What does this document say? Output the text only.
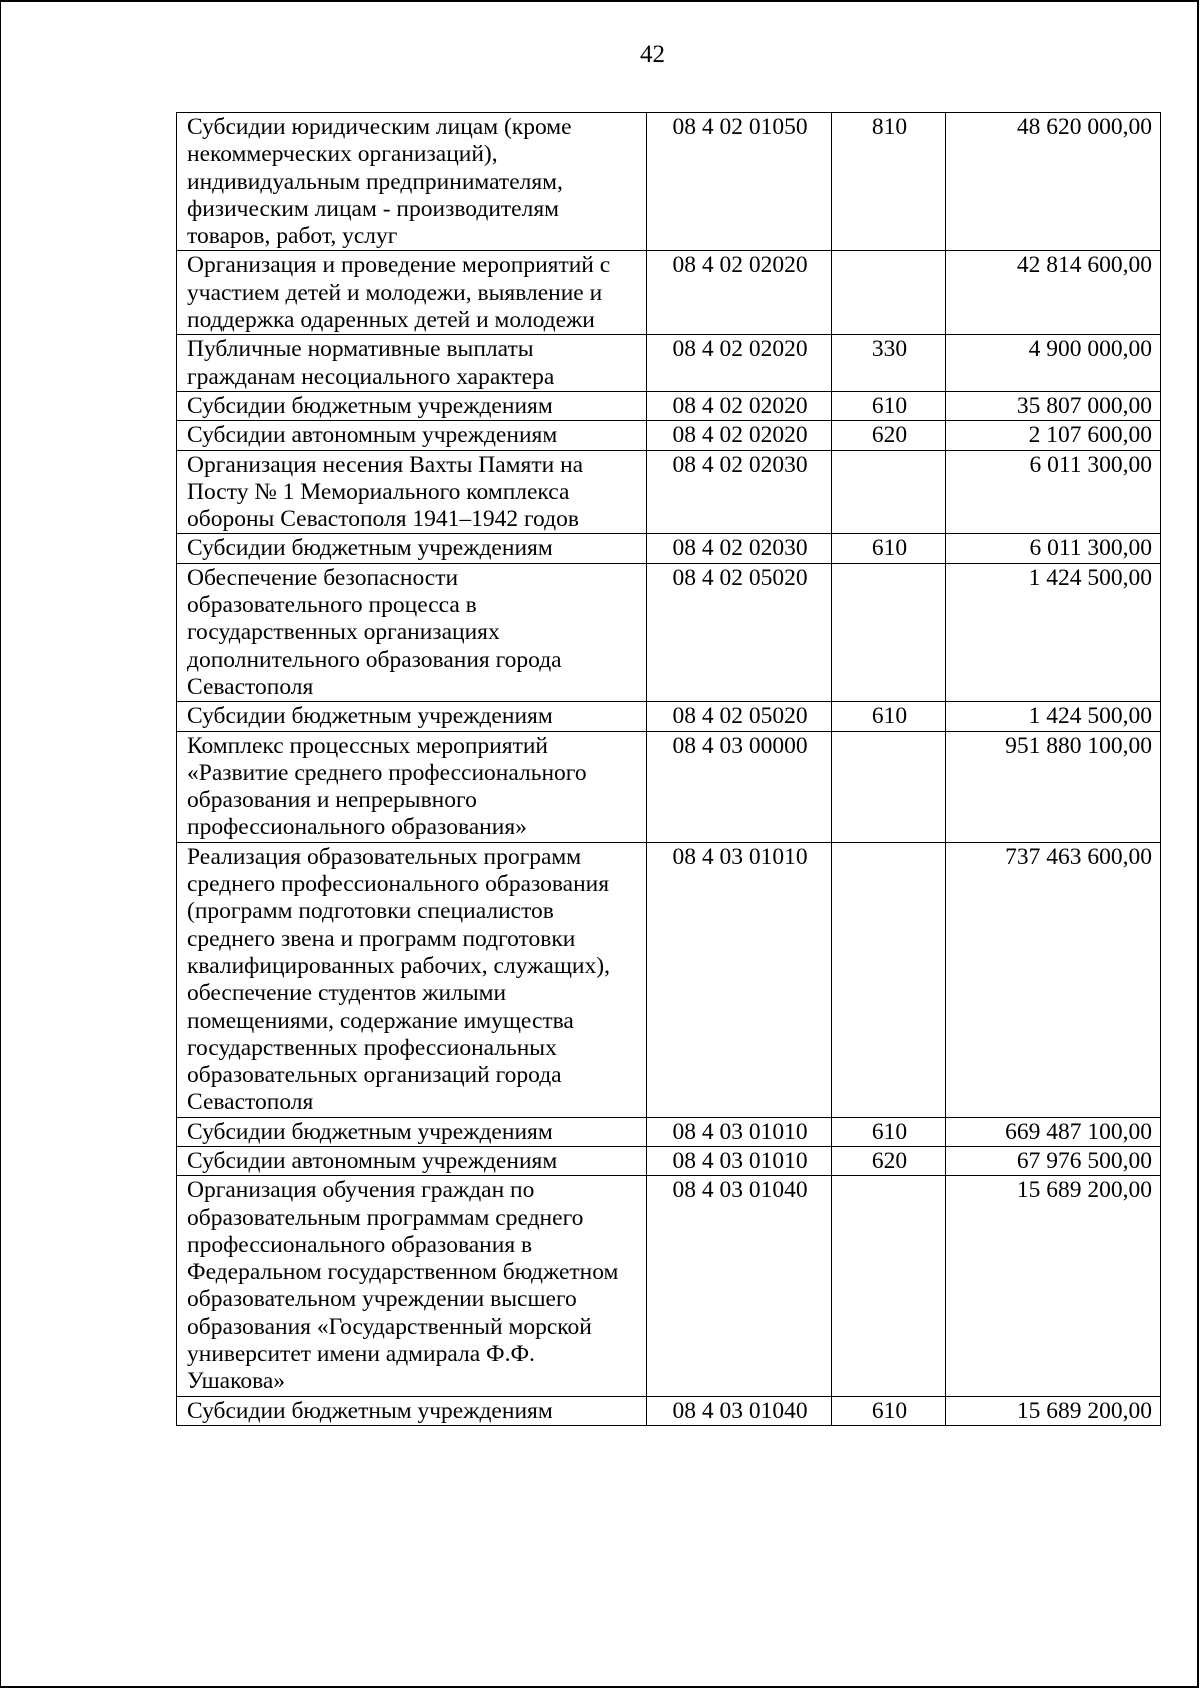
42
Субсидии юридическим лицам (кроме некоммерческих организаций), индивидуальным предпринимателям, физическим лицам - производителям товаров, работ, услуг	08 4 02 01050	810	48 620 000,00
Организация и проведение мероприятий с участием детей и молодежи, выявление и поддержка одаренных детей и молодежи	08 4 02 02020		42 814 600,00
Публичные нормативные выплаты гражданам несоциального характера	08 4 02 02020	330	4 900 000,00
Субсидии бюджетным учреждениям	08 4 02 02020	610	35 807 000,00
Субсидии автономным учреждениям	08 4 02 02020	620	2 107 600,00
Организация несения Вахты Памяти на Посту № 1 Мемориального комплекса обороны Севастополя 1941–1942 годов	08 4 02 02030		6 011 300,00
Субсидии бюджетным учреждениям	08 4 02 02030	610	6 011 300,00
Обеспечение безопасности образовательного процесса в государственных организациях дополнительного образования города Севастополя	08 4 02 05020		1 424 500,00
Субсидии бюджетным учреждениям	08 4 02 05020	610	1 424 500,00
Комплекс процессных мероприятий «Развитие среднего профессионального образования и непрерывного профессионального образования»	08 4 03 00000		951 880 100,00
Реализация образовательных программ среднего профессионального образования (программ подготовки специалистов среднего звена и программ подготовки квалифицированных рабочих, служащих), обеспечение студентов жилыми помещениями, содержание имущества государственных профессиональных образовательных организаций города Севастополя	08 4 03 01010		737 463 600,00
Субсидии бюджетным учреждениям	08 4 03 01010	610	669 487 100,00
Субсидии автономным учреждениям	08 4 03 01010	620	67 976 500,00
Организация обучения граждан по образовательным программам среднего профессионального образования в Федеральном государственном бюджетном образовательном учреждении высшего образования «Государственный морской университет имени адмирала Ф.Ф. Ушакова»	08 4 03 01040		15 689 200,00
Субсидии бюджетным учреждениям	08 4 03 01040	610	15 689 200,00
